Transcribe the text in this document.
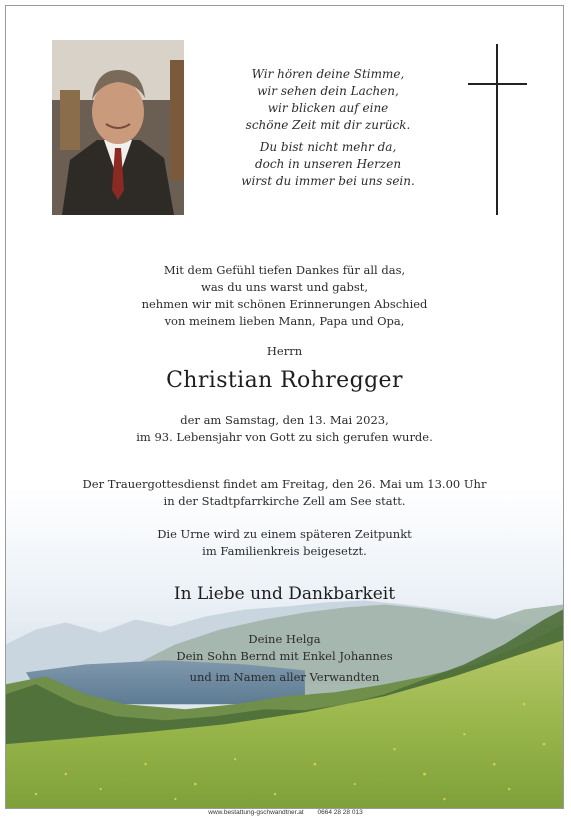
Wir hören deine Stimme,
wir sehen dein Lachen,
wir blicken auf eine
schöne Zeit mit dir zurück.
Du bist nicht mehr da,
doch in unseren Herzen
wirst du immer bei uns sein.
Mit dem Gefühl tiefen Dankes für all das,
was du uns warst und gabst,
nehmen wir mit schönen Erinnerungen Abschied
von meinem lieben Mann, Papa und Opa,
Herrn
Christian Rohregger
der am Samstag, den 13. Mai 2023,
im 93. Lebensjahr von Gott zu sich gerufen wurde.
Der Trauergottesdienst findet am Freitag, den 26. Mai um 13.00 Uhr
in der Stadtpfarrkirche Zell am See statt.
Die Urne wird zu einem späteren Zeitpunkt
im Familienkreis beigesetzt.
In Liebe und Dankbarkeit
Deine Helga
Dein Sohn Bernd mit Enkel Johannes
und im Namen aller Verwandten
www.bestattung-gschwandtner.at 0664 28 28 013
